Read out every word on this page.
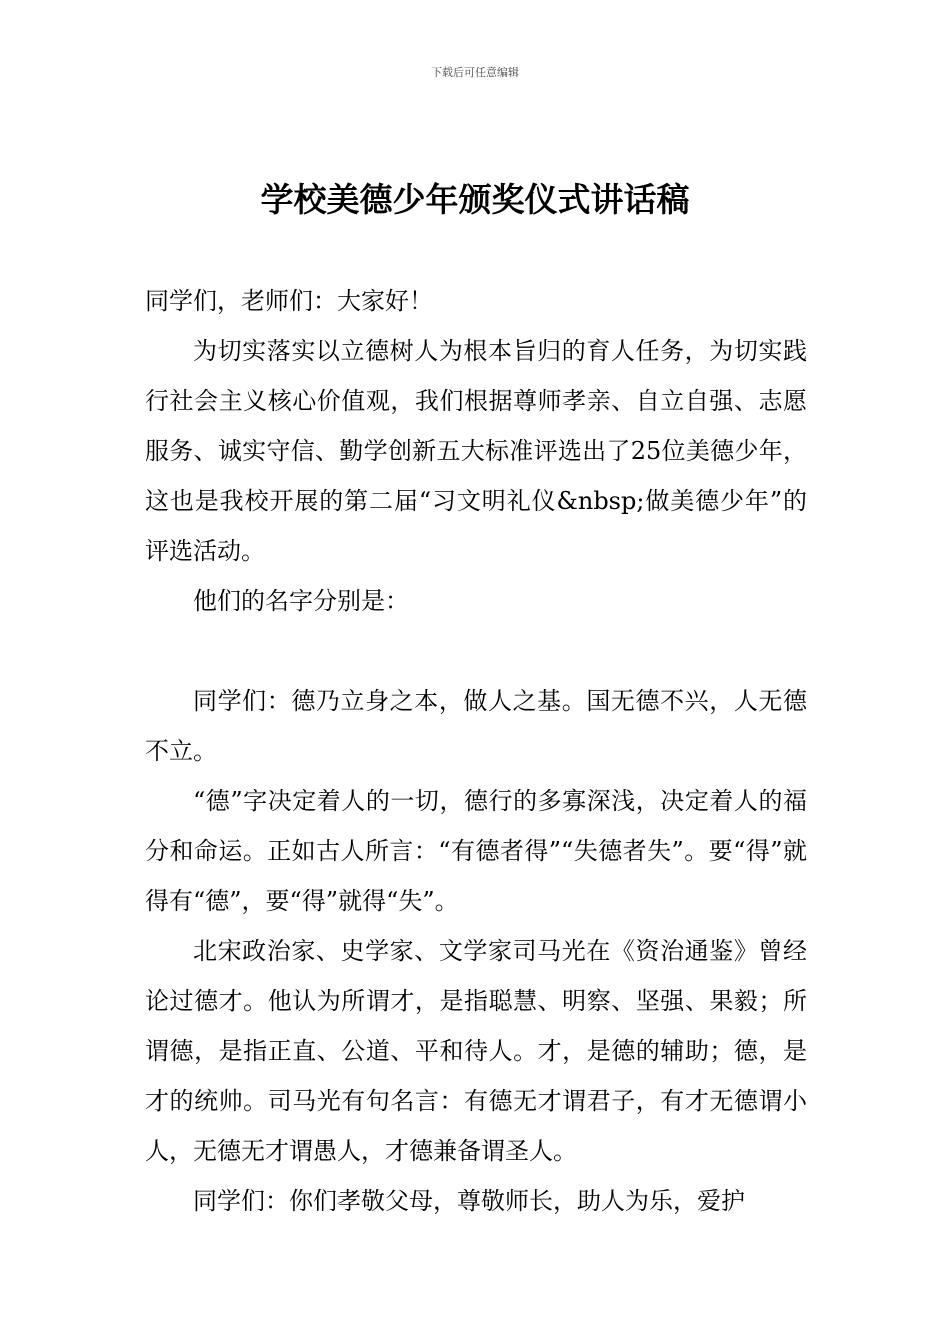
下载后可任意编辑
学校美德少年颁奖仪式讲话稿

同学们，老师们：大家好！

为切实落实以立德树人为根本旨归的育人任务，为切实践行社会主义核心价值观，我们根据尊师孝亲、自立自强、志愿服务、诚实守信、勤学创新五大标准评选出了25位美德少年，这也是我校开展的第二届“习文明礼仪&nbsp;做美德少年”的评选活动。

他们的名字分别是：

同学们：德乃立身之本，做人之基。国无德不兴，人无德不立。

“德”字决定着人的一切，德行的多寡深浅，决定着人的福分和命运。正如古人所言：“有德者得”“失德者失”。要“得”就得有“德”，要“得”就得“失”。

北宋政治家、史学家、文学家司马光在《资治通鉴》曾经论过德才。他认为所谓才，是指聪慧、明察、坚强、果毅；所谓德，是指正直、公道、平和待人。才，是德的辅助；德，是才的统帅。司马光有句名言：有德无才谓君子，有才无德谓小人，无德无才谓愚人，才德兼备谓圣人。

同学们：你们孝敬父母，尊敬师长，助人为乐，爱护
